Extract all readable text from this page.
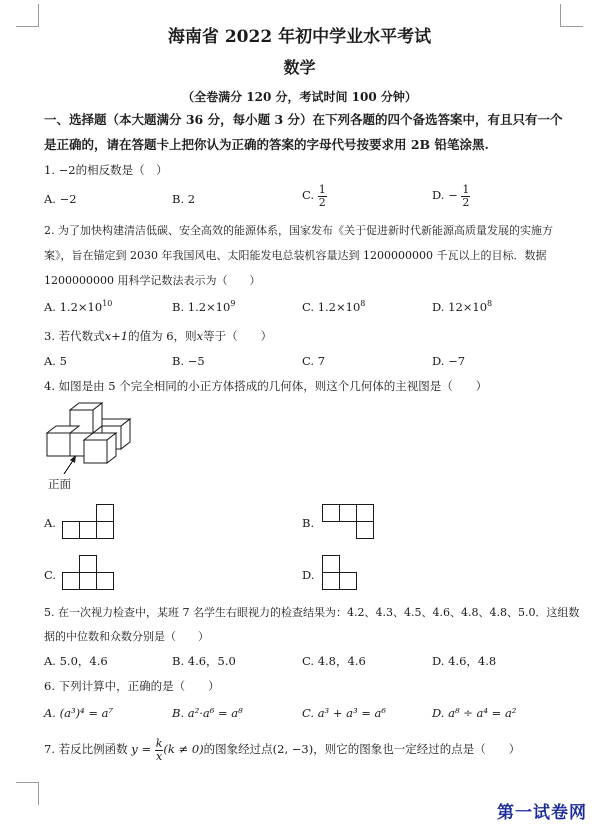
海南省 2022 年初中学业水平考试
数学
（全卷满分 120 分，考试时间 100 分钟）
一、选择题（本大题满分 36 分，每小题 3 分）在下列各题的四个备选答案中，有且只有一个
是正确的，请在答题卡上把你认为正确的答案的字母代号按要求用 2B 铅笔涂黑.
1. −2的相反数是（　）
A. −2	B. 2	C. $\frac{1}{2}$	D. − $\frac{1}{2}$
2. 为了加快构建清洁低碳、安全高效的能源体系，国家发布《关于促进新时代新能源高质量发展的实施方
案》，旨在锚定到 2030 年我国风电、太阳能发电总装机容量达到 1200000000 千瓦以上的目标．数据
1200000000 用科学记数法表示为（　　）
A. $1.2\times 10^{10}$	B. $1.2\times 10^9$	C. $1.2\times 10^8$	D. $12\times 10^8$
3. 若代数式x+1的值为 6，则x等于（　　）
A. 5	B. −5	C. 7	D. −7
4. 如图是由 5 个完全相同的小正方体搭成的几何体，则这个几何体的主视图是（　　）
正面
A.	B.
C.	D.
5. 在一次视力检查中，某班 7 名学生右眼视力的检查结果为：4.2、4.3、4.5、4.6、4.8、4.8、5.0．这组数
据的中位数和众数分别是（　　）
A. 5.0，4.6	B. 4.6，5.0	C. 4.8，4.6	D. 4.6，4.8
6. 下列计算中，正确的是（　　）
A. (a³)⁴ = a⁷	B. a²·a⁶ = a⁸	C. a³ + a³ = a⁶	D. a⁸ ÷ a⁴ = a²
7. 若反比例函数 $y = \frac{k}{x} (k \ne 0)$的图象经过点(2, −3)，则它的图象也一定经过的点是（　　）
第一试卷网
